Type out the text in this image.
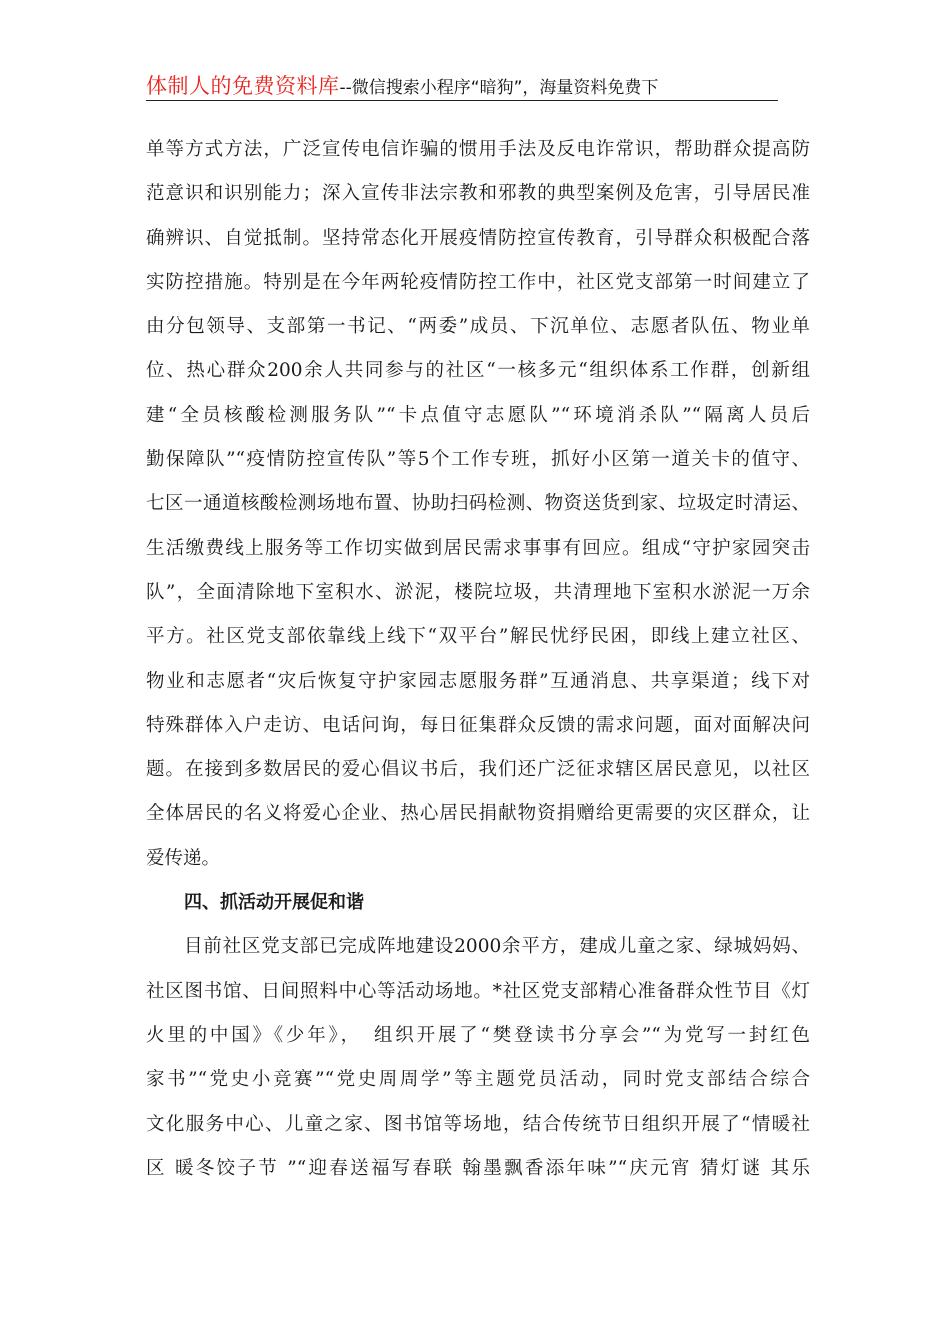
体制人的免费资料库--微信搜索小程序“暗狗”，海量资料免费下
单等方式方法，广泛宣传电信诈骗的惯用手法及反电诈常识，帮助群众提高防
范意识和识别能力；深入宣传非法宗教和邪教的典型案例及危害，引导居民准
确辨识、自觉抵制。坚持常态化开展疫情防控宣传教育，引导群众积极配合落
实防控措施。特别是在今年两轮疫情防控工作中，社区党支部第一时间建立了
由分包领导、支部第一书记、“两委”成员、下沉单位、志愿者队伍、物业单
位、热心群众200余人共同参与的社区“一核多元“组织体系工作群，创新组
建“全员核酸检测服务队”“卡点值守志愿队”“环境消杀队”“隔离人员后
勤保障队”“疫情防控宣传队”等5个工作专班，抓好小区第一道关卡的值守、
七区一通道核酸检测场地布置、协助扫码检测、物资送货到家、垃圾定时清运、
生活缴费线上服务等工作切实做到居民需求事事有回应。组成“守护家园突击
队”，全面清除地下室积水、淤泥，楼院垃圾，共清理地下室积水淤泥一万余
平方。社区党支部依靠线上线下“双平台”解民忧纾民困，即线上建立社区、
物业和志愿者“灾后恢复守护家园志愿服务群”互通消息、共享渠道；线下对
特殊群体入户走访、电话问询，每日征集群众反馈的需求问题，面对面解决问
题。在接到多数居民的爱心倡议书后，我们还广泛征求辖区居民意见，以社区
全体居民的名义将爱心企业、热心居民捐献物资捐赠给更需要的灾区群众，让
爱传递。
四、抓活动开展促和谐
目前社区党支部已完成阵地建设2000余平方，建成儿童之家、绿城妈妈、
社区图书馆、日间照料中心等活动场地。*社区党支部精心准备群众性节目《灯
火里的中国》《少年》，　组织开展了“樊登读书分享会”“为党写一封红色
家书”“党史小竞赛”“党史周周学”等主题党员活动，同时党支部结合综合
文化服务中心、儿童之家、图书馆等场地，结合传统节日组织开展了“情暖社
区 暖冬饺子节 ”“迎春送福写春联 翰墨飘香添年味”“庆元宵 猜灯谜 其乐
